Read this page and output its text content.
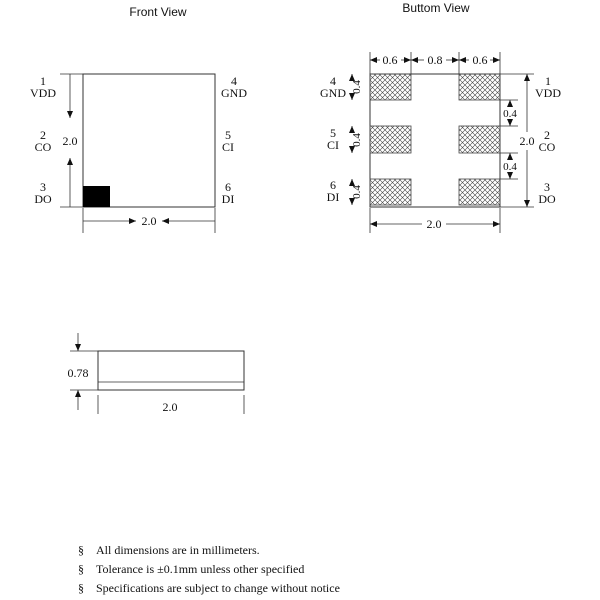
Front View
1
VDD
2
CO
3
DO
4
GND
5
CI
6
DI
2.0
2.0
Buttom View
0.6	0.8	0.6
0.4
0.4
0.4
4
GND
5
CI
6
DI
0.4
0.4
2.0
1
VDD
2
CO
3
DO
2.0
0.78
2.0
§ All dimensions are in millimeters.
§ Tolerance is ±0.1mm unless other specified
§ Specifications are subject to change without notice
